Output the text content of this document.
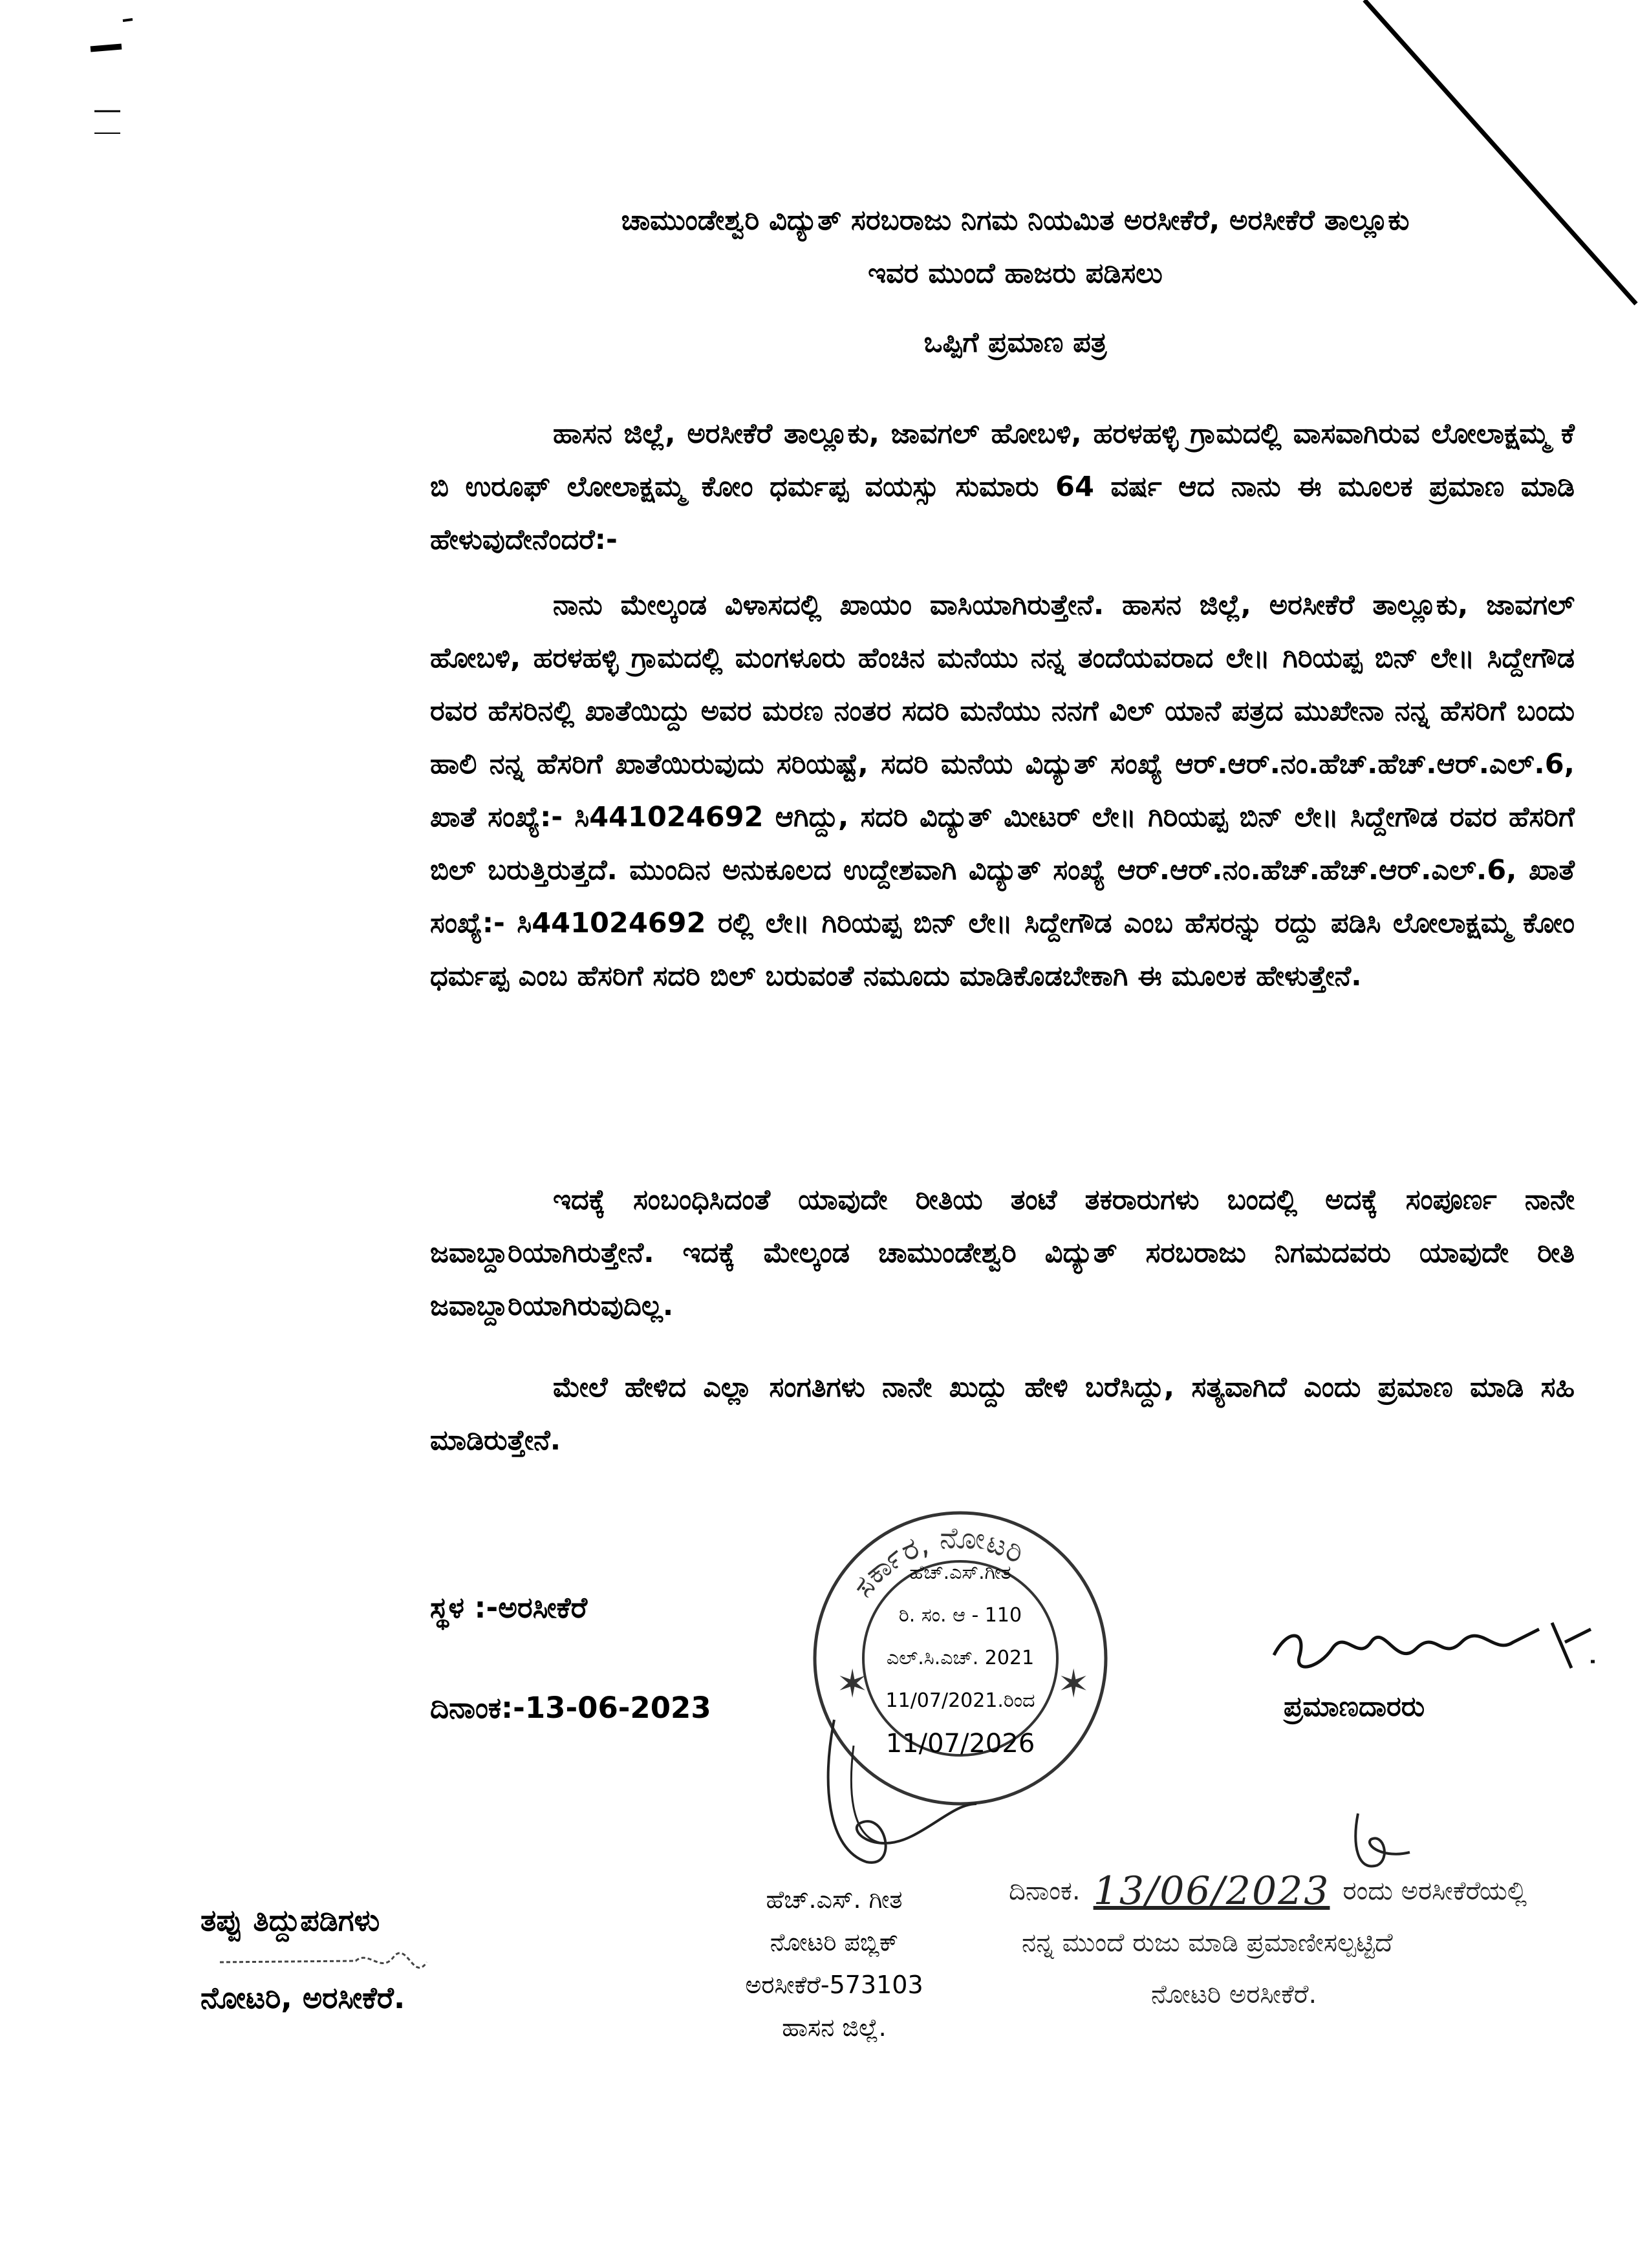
ಚಾಮುಂಡೇಶ್ವರಿ ವಿದ್ಯುತ್ ಸರಬರಾಜು ನಿಗಮ ನಿಯಮಿತ ಅರಸೀಕೆರೆ, ಅರಸೀಕೆರೆ ತಾಲ್ಲೂಕು
ಇವರ ಮುಂದೆ ಹಾಜರು ಪಡಿಸಲು
ಒಪ್ಪಿಗೆ ಪ್ರಮಾಣ ಪತ್ರ
ಹಾಸನ ಜಿಲ್ಲೆ, ಅರಸೀಕೆರೆ ತಾಲ್ಲೂಕು, ಜಾವಗಲ್ ಹೋಬಳಿ, ಹರಳಹಳ್ಳಿ ಗ್ರಾಮದಲ್ಲಿ ವಾಸವಾಗಿರುವ ಲೋಲಾಕ್ಷಮ್ಮ ಕೆ ಬಿ ಉರೂಫ್ ಲೋಲಾಕ್ಷಮ್ಮ ಕೋಂ ಧರ್ಮಪ್ಪ ವಯಸ್ಸು ಸುಮಾರು 64 ವರ್ಷ ಆದ ನಾನು ಈ ಮೂಲಕ ಪ್ರಮಾಣ ಮಾಡಿ ಹೇಳುವುದೇನೆಂದರೆ:-
ನಾನು ಮೇಲ್ಕಂಡ ವಿಳಾಸದಲ್ಲಿ ಖಾಯಂ ವಾಸಿಯಾಗಿರುತ್ತೇನೆ. ಹಾಸನ ಜಿಲ್ಲೆ, ಅರಸೀಕೆರೆ ತಾಲ್ಲೂಕು, ಜಾವಗಲ್ ಹೋಬಳಿ, ಹರಳಹಳ್ಳಿ ಗ್ರಾಮದಲ್ಲಿ ಮಂಗಳೂರು ಹೆಂಚಿನ ಮನೆಯು ನನ್ನ ತಂದೆಯವರಾದ ಲೇ॥ ಗಿರಿಯಪ್ಪ ಬಿನ್ ಲೇ॥ ಸಿದ್ದೇಗೌಡ ರವರ ಹೆಸರಿನಲ್ಲಿ ಖಾತೆಯಿದ್ದು ಅವರ ಮರಣ ನಂತರ ಸದರಿ ಮನೆಯು ನನಗೆ ವಿಲ್ ಯಾನೆ ಪತ್ರದ ಮುಖೇನಾ ನನ್ನ ಹೆಸರಿಗೆ ಬಂದು ಹಾಲಿ ನನ್ನ ಹೆಸರಿಗೆ ಖಾತೆಯಿರುವುದು ಸರಿಯಷ್ಟೆ, ಸದರಿ ಮನೆಯ ವಿದ್ಯುತ್ ಸಂಖ್ಯೆ ಆರ್.ಆರ್.ನಂ.ಹೆಚ್.ಹೆಚ್.ಆರ್.ಎಲ್.6, ಖಾತೆ ಸಂಖ್ಯೆ:- ಸಿ441024692 ಆಗಿದ್ದು, ಸದರಿ ವಿದ್ಯುತ್ ಮೀಟರ್ ಲೇ॥ ಗಿರಿಯಪ್ಪ ಬಿನ್ ಲೇ॥ ಸಿದ್ದೇಗೌಡ ರವರ ಹೆಸರಿಗೆ ಬಿಲ್ ಬರುತ್ತಿರುತ್ತದೆ. ಮುಂದಿನ ಅನುಕೂಲದ ಉದ್ದೇಶವಾಗಿ ವಿದ್ಯುತ್ ಸಂಖ್ಯೆ ಆರ್.ಆರ್.ನಂ.ಹೆಚ್.ಹೆಚ್.ಆರ್.ಎಲ್.6, ಖಾತೆ ಸಂಖ್ಯೆ:- ಸಿ441024692 ರಲ್ಲಿ ಲೇ॥ ಗಿರಿಯಪ್ಪ ಬಿನ್ ಲೇ॥ ಸಿದ್ದೇಗೌಡ ಎಂಬ ಹೆಸರನ್ನು ರದ್ದು ಪಡಿಸಿ ಲೋಲಾಕ್ಷಮ್ಮ ಕೋಂ ಧರ್ಮಪ್ಪ ಎಂಬ ಹೆಸರಿಗೆ ಸದರಿ ಬಿಲ್ ಬರುವಂತೆ ನಮೂದು ಮಾಡಿಕೊಡಬೇಕಾಗಿ ಈ ಮೂಲಕ ಹೇಳುತ್ತೇನೆ.
ಇದಕ್ಕೆ ಸಂಬಂಧಿಸಿದಂತೆ ಯಾವುದೇ ರೀತಿಯ ತಂಟೆ ತಕರಾರುಗಳು ಬಂದಲ್ಲಿ ಅದಕ್ಕೆ ಸಂಪೂರ್ಣ ನಾನೇ ಜವಾಬ್ದಾರಿಯಾಗಿರುತ್ತೇನೆ. ಇದಕ್ಕೆ ಮೇಲ್ಕಂಡ ಚಾಮುಂಡೇಶ್ವರಿ ವಿದ್ಯುತ್ ಸರಬರಾಜು ನಿಗಮದವರು ಯಾವುದೇ ರೀತಿ ಜವಾಬ್ದಾರಿಯಾಗಿರುವುದಿಲ್ಲ.
ಮೇಲೆ ಹೇಳಿದ ಎಲ್ಲಾ ಸಂಗತಿಗಳು ನಾನೇ ಖುದ್ದು ಹೇಳಿ ಬರೆಸಿದ್ದು, ಸತ್ಯವಾಗಿದೆ ಎಂದು ಪ್ರಮಾಣ ಮಾಡಿ ಸಹಿ ಮಾಡಿರುತ್ತೇನೆ.
ಸ್ಥಳ :-ಅರಸೀಕೆರೆ
ದಿನಾಂಕ:-13-06-2023
ಸರ್ಕಾರ, ನೋಟರಿ
✶	✶
ಹೆಚ್.ಎಸ್.ಗೀತ
ರಿ. ಸಂ. ಆ - 110
ಎಲ್.ಸಿ.ಎಚ್. 2021
11/07/2021.ರಿಂದ
11/07/2026
ಪ್ರಮಾಣದಾರರು
ತಪ್ಪು ತಿದ್ದುಪಡಿಗಳು
ನೋಟರಿ, ಅರಸೀಕೆರೆ.
ಹೆಚ್.ಎಸ್. ಗೀತ
ನೋಟರಿ ಪಬ್ಲಿಕ್
ಅರಸೀಕೆರೆ-573103
ಹಾಸನ ಜಿಲ್ಲೆ.
ದಿನಾಂಕ. 13/06/2023 ರಂದು ಅರಸೀಕೆರೆಯಲ್ಲಿ
ನನ್ನ ಮುಂದೆ ರುಜು ಮಾಡಿ ಪ್ರಮಾಣೀಸಲ್ಪಟ್ಟಿದೆ
ನೋಟರಿ ಅರಸೀಕೆರೆ.
